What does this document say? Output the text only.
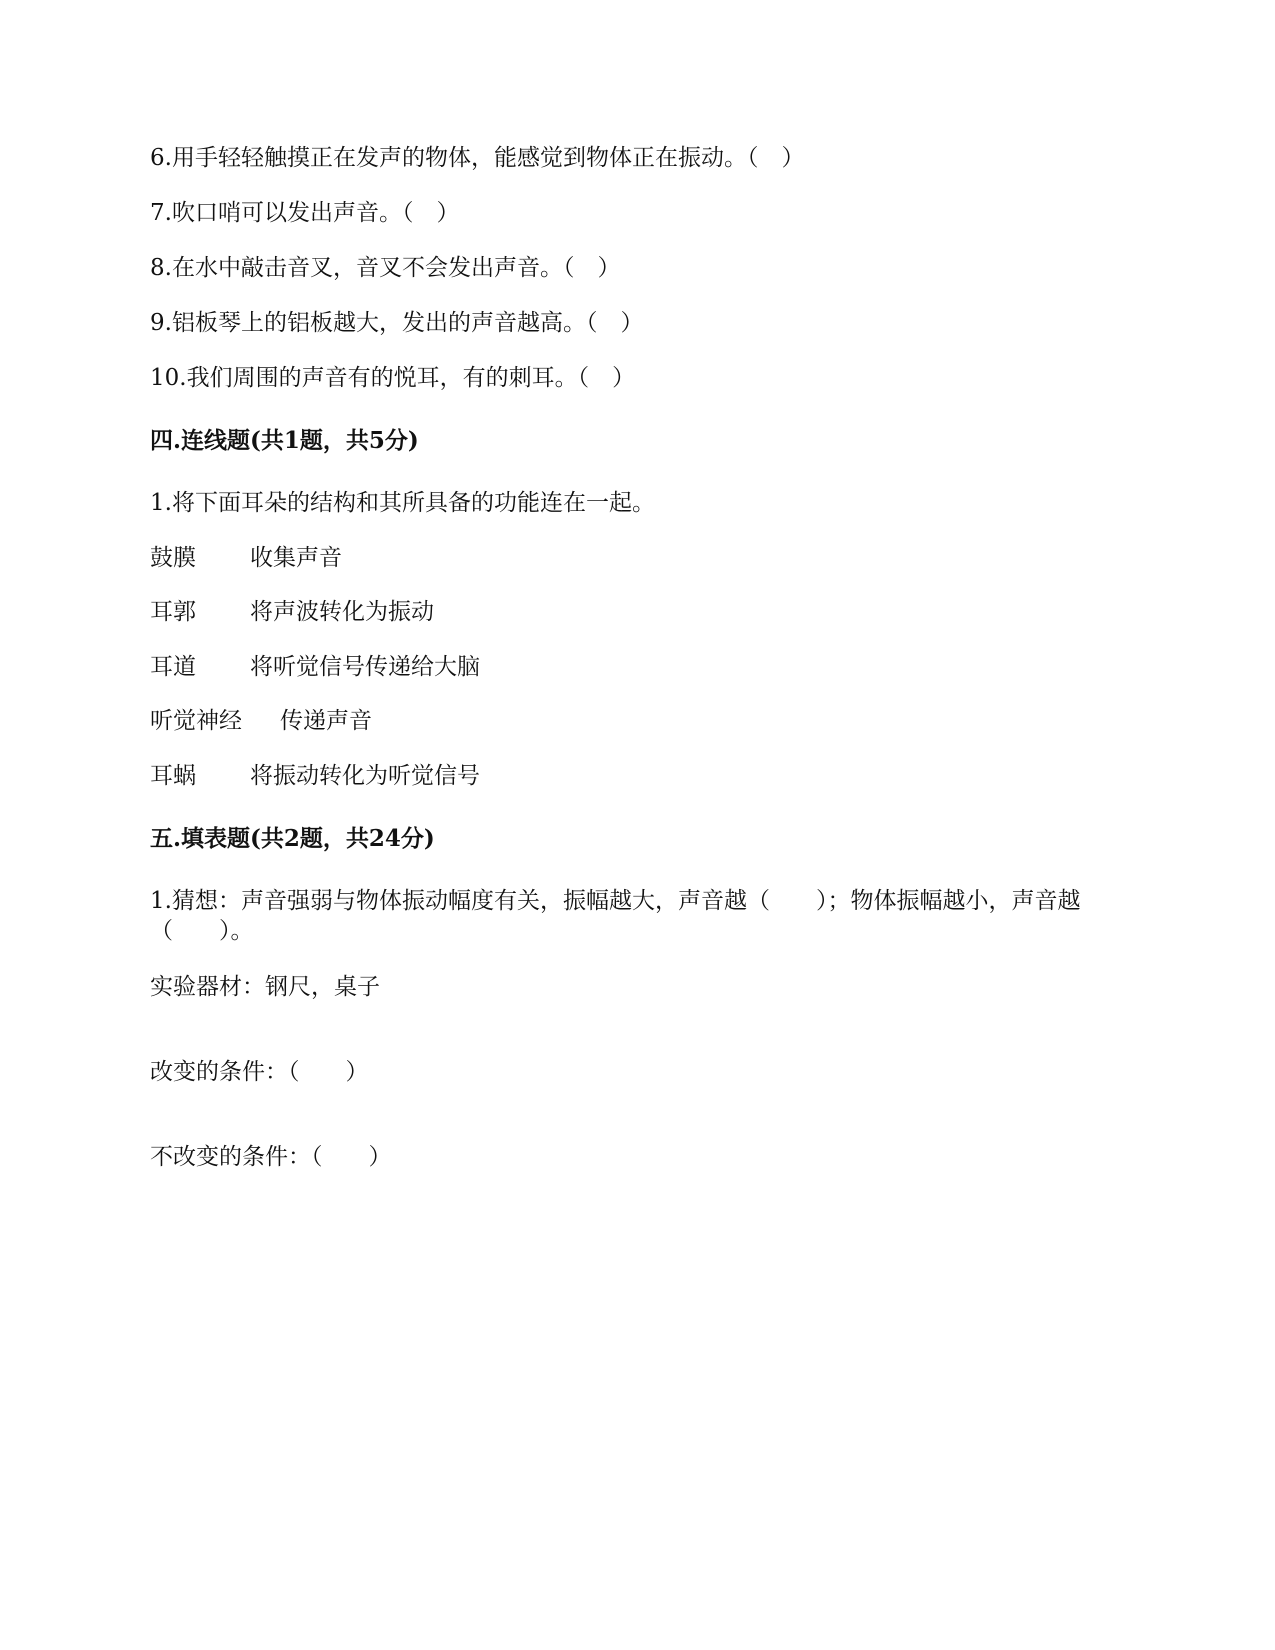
6.用手轻轻触摸正在发声的物体，能感觉到物体正在振动。（　）
7.吹口哨可以发出声音。（　）
8.在水中敲击音叉，音叉不会发出声音。（　）
9.铝板琴上的铝板越大，发出的声音越高。（　）
10.我们周围的声音有的悦耳，有的刺耳。（　）
四.连线题(共1题，共5分)
1.将下面耳朵的结构和其所具备的功能连在一起。
鼓膜 收集声音
耳郭 将声波转化为振动
耳道 将听觉信号传递给大脑
听觉神经 传递声音
耳蜗 将振动转化为听觉信号
五.填表题(共2题，共24分)
1.猜想：声音强弱与物体振动幅度有关，振幅越大，声音越（　　）；物体振幅越小，声音越（　　）。
实验器材：钢尺，桌子
改变的条件：（　　）
不改变的条件：（　　）
